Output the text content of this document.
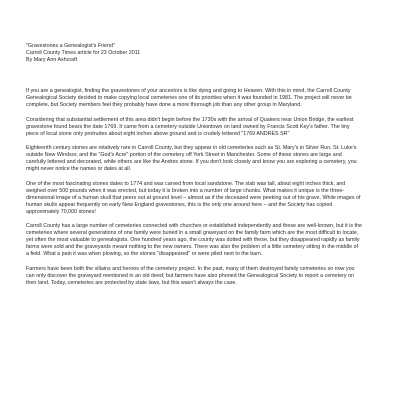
"Gravestones a Genealogist's Friend"

Carroll County Times article for 23 October 2011

By Mary Ann Ashcraft

If you are a genealogist, finding the gravestones of your ancestors is like dying and going to Heaven. With this in mind, the Carroll County Genealogical Society decided to make copying local cemeteries one of its priorities when it was founded in 1981. The project will never be complete, but Society members feel they probably have done a more thorough job than any other group in Maryland.

Considering that substantial settlement of this area didn't begin before the 1730s with the arrival of Quakers near Union Bridge, the earliest gravestone found bears the date 1769. It came from a cemetery outside Uniontown on land owned by Francis Scott Key's father. The tiny piece of local stone only protrudes about eight inches above ground and is crudely lettered "1769 ANDRES SR"

Eighteenth century stones are relatively rare in Carroll County, but they appear in old cemeteries such as St. Mary's in Silver Run, St. Luke's outside New Windsor, and the "God's Acre" portion of the cemetery off York Street in Manchester. Some of these stones are large and carefully lettered and decorated, while others are like the Andres stone. If you don't look closely and know you are exploring a cemetery, you might never notice the names or dates at all.

One of the most fascinating stones dates to 1774 and was carved from local sandstone. The slab was tall, about eight inches thick, and weighed over 500 pounds when it was erected, but today it is broken into a number of large chunks. What makes it unique is the three-dimensional image of a human skull that peers out at ground level – almost as if the deceased were peeking out of his grave. While images of human skulls appear frequently on early New England gravestones, this is the only one around here – and the Society has copied approximately 70,000 stones!

Carroll County has a large number of cemeteries connected with churches or established independently and these are well-known, but it is the cemeteries where several generations of one family were buried in a small graveyard on the family farm which are the most difficult to locate, yet often the most valuable to genealogists. One hundred years ago, the county was dotted with these, but they disappeared rapidly as family farms were sold and the graveyards meant nothing to the new owners. There was also the problem of a little cemetery sitting in the middle of a field. What a pain it was when plowing, so the stones "disappeared" or were piled next to the barn.

Farmers have been both the villains and heroes of the cemetery project. In the past, many of them destroyed family cemeteries so now you can only discover the graveyard mentioned in an old deed; but farmers have also phoned the Genealogical Society to report a cemetery on their land. Today, cemeteries are protected by state laws, but this wasn't always the case.
